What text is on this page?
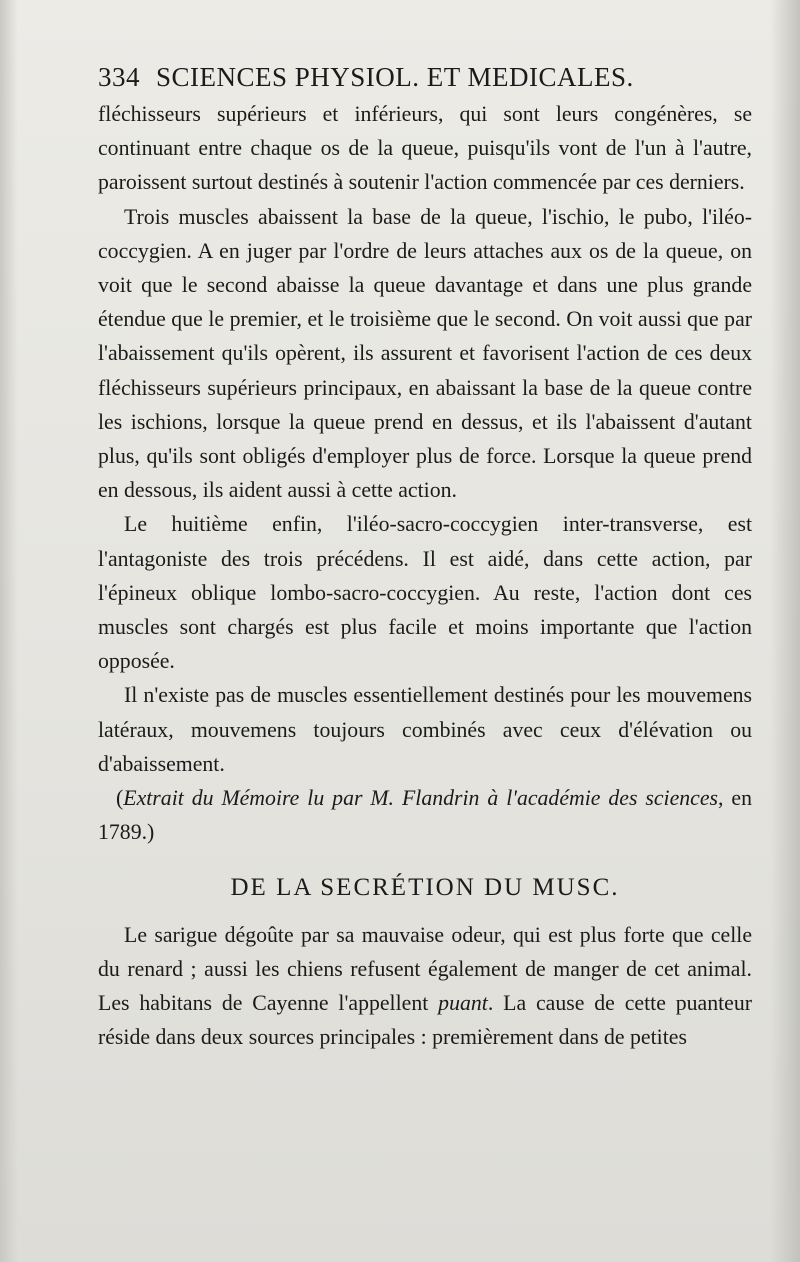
334 SCIENCES PHYSIOL. ET MEDICALES.

fléchisseurs supérieurs et inférieurs, qui sont leurs congénères, se continuant entre chaque os de la queue, puisqu'ils vont de l'un à l'autre, paroissent surtout destinés à soutenir l'action commencée par ces derniers.

Trois muscles abaissent la base de la queue, l'ischio, le pubo, l'iléo-coccygien. A en juger par l'ordre de leurs attaches aux os de la queue, on voit que le second abaisse la queue davantage et dans une plus grande étendue que le premier, et le troisième que le second. On voit aussi que par l'abaissement qu'ils opèrent, ils assurent et favorisent l'action de ces deux fléchisseurs supérieurs principaux, en abaissant la base de la queue contre les ischions, lorsque la queue prend en dessus, et ils l'abaissent d'autant plus, qu'ils sont obligés d'employer plus de force. Lorsque la queue prend en dessous, ils aident aussi à cette action.

Le huitième enfin, l'iléo-sacro-coccygien inter-transverse, est l'antagoniste des trois précédens. Il est aidé, dans cette action, par l'épineux oblique lombo-sacro-coccygien. Au reste, l'action dont ces muscles sont chargés est plus facile et moins importante que l'action opposée.

Il n'existe pas de muscles essentiellement destinés pour les mouvemens latéraux, mouvemens toujours combinés avec ceux d'élévation ou d'abaissement.

(Extrait du Mémoire lu par M. Flandrin à l'académie des sciences, en 1789.)

DE LA SECRÉTION DU MUSC.

Le sarigue dégoûte par sa mauvaise odeur, qui est plus forte que celle du renard ; aussi les chiens refusent également de manger de cet animal. Les habitans de Cayenne l'appellent puant. La cause de cette puanteur réside dans deux sources principales : premièrement dans de petites
